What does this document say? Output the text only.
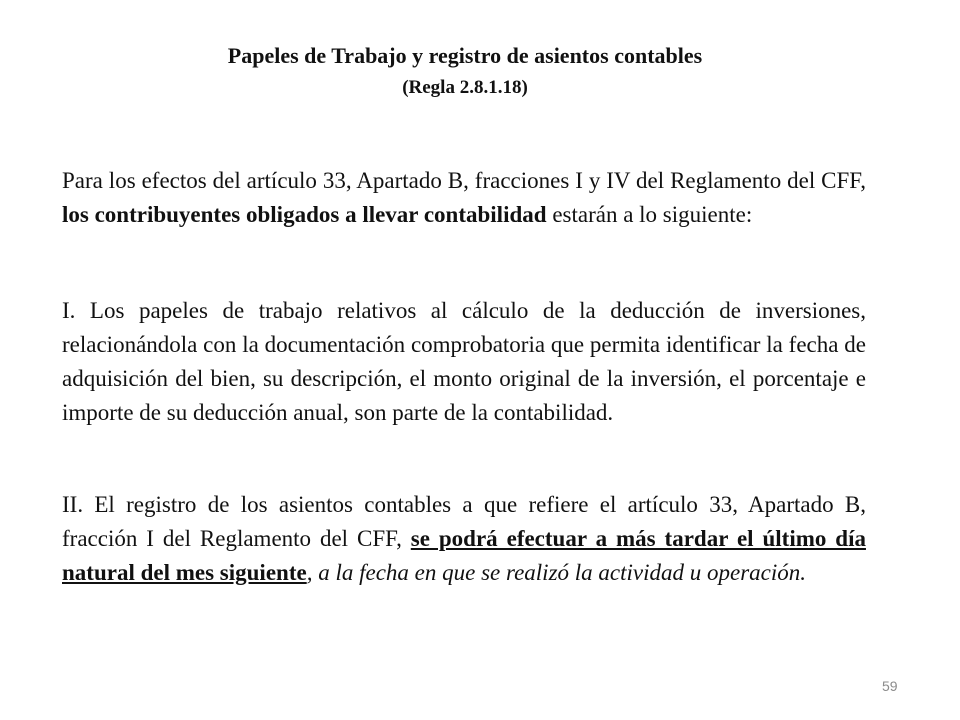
Papeles de Trabajo y registro de asientos contables
(Regla 2.8.1.18)

Para los efectos del artículo 33, Apartado B, fracciones I y IV del Reglamento del CFF, los contribuyentes obligados a llevar contabilidad estarán a lo siguiente:

I. Los papeles de trabajo relativos al cálculo de la deducción de inversiones, relacionándola con la documentación comprobatoria que permita identificar la fecha de adquisición del bien, su descripción, el monto original de la inversión, el porcentaje e importe de su deducción anual, son parte de la contabilidad.

II. El registro de los asientos contables a que refiere el artículo 33, Apartado B, fracción I del Reglamento del CFF, se podrá efectuar a más tardar el último día natural del mes siguiente, a la fecha en que se realizó la actividad u operación.

59
